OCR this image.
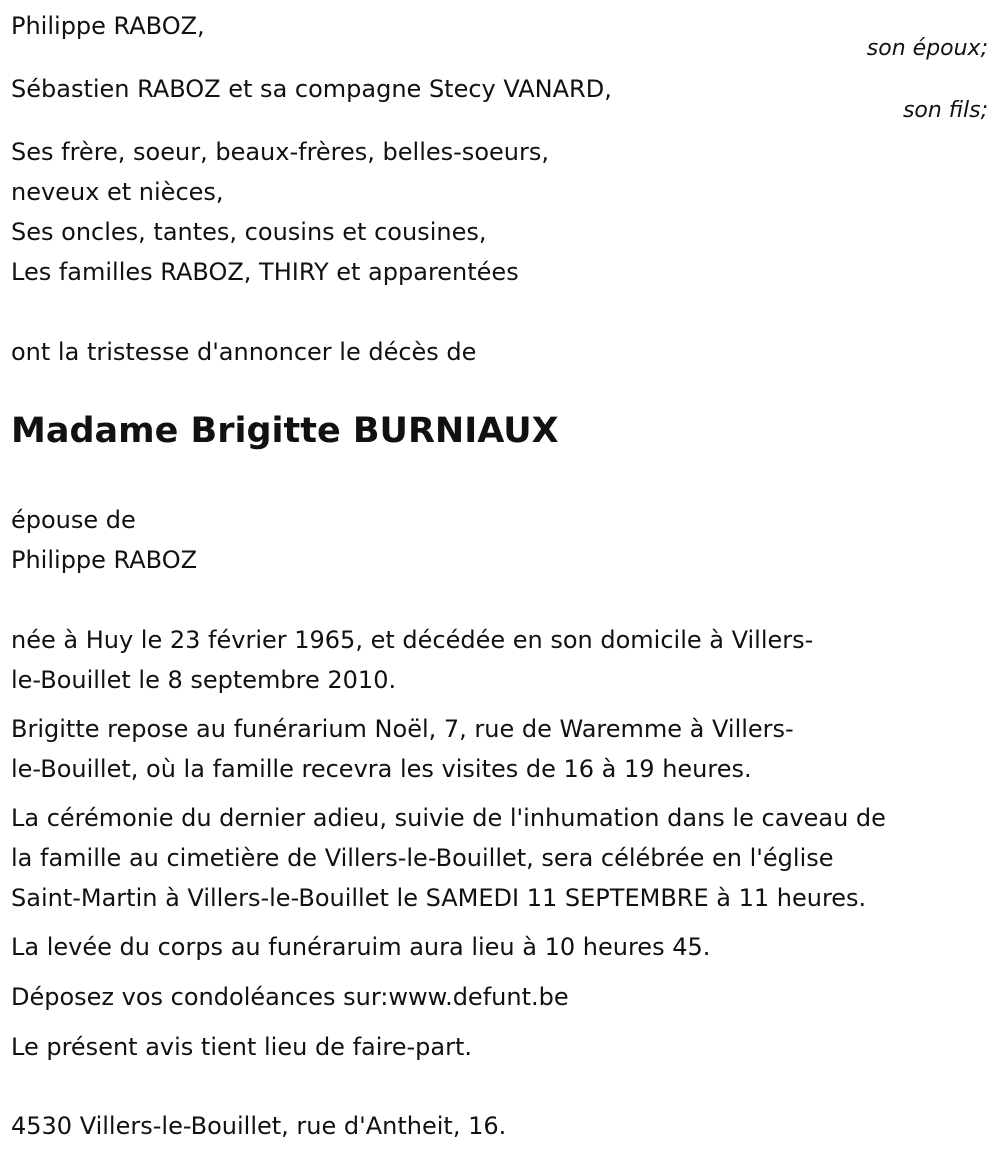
Philippe RABOZ,
son époux;
Sébastien RABOZ et sa compagne Stecy VANARD,
son fils;
Ses frère, soeur, beaux-frères, belles-soeurs,
neveux et nièces,
Ses oncles, tantes, cousins et cousines,
Les familles RABOZ, THIRY et apparentées
ont la tristesse d'annoncer le décès de
Madame Brigitte BURNIAUX
épouse de
Philippe RABOZ
née à Huy le 23 février 1965, et décédée en son domicile à Villers-
le-Bouillet le 8 septembre 2010.
Brigitte repose au funérarium Noël, 7, rue de Waremme à Villers-
le-Bouillet, où la famille recevra les visites de 16 à 19 heures.
La cérémonie du dernier adieu, suivie de l'inhumation dans le caveau de
la famille au cimetière de Villers-le-Bouillet, sera célébrée en l'église
Saint-Martin à Villers-le-Bouillet le SAMEDI 11 SEPTEMBRE à 11 heures.
La levée du corps au funéraruim aura lieu à 10 heures 45.
Déposez vos condoléances sur:www.defunt.be
Le présent avis tient lieu de faire-part.
4530 Villers-le-Bouillet, rue d'Antheit, 16.
